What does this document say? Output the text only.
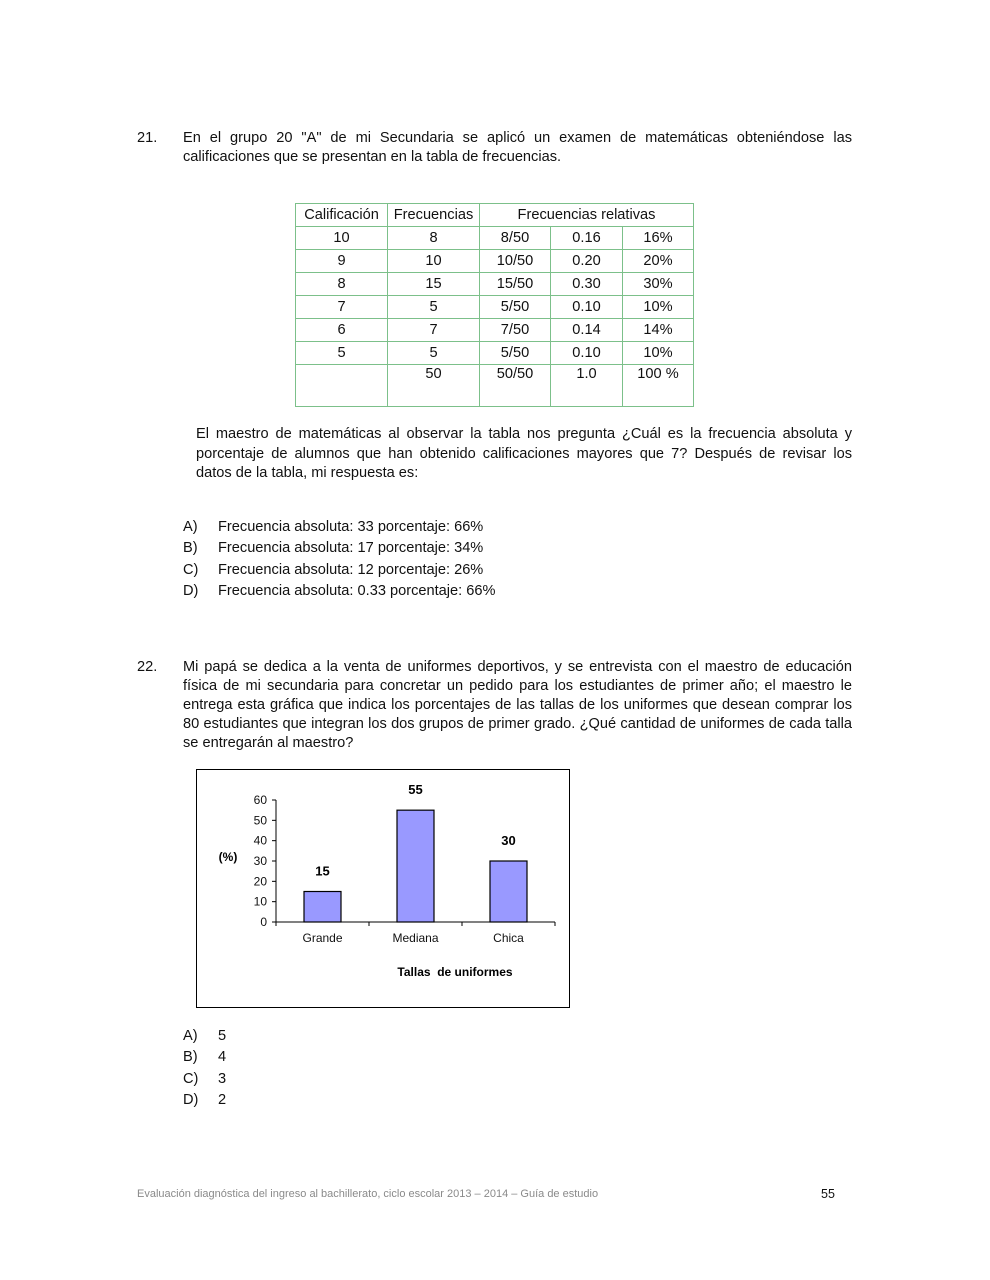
21. En el grupo 20 "A" de mi Secundaria se aplicó un examen de matemáticas obteniéndose las calificaciones que se presentan en la tabla de frecuencias.
Calificación	Frecuencias	Frecuencias relativas		
10	8	8/50	0.16	16%
9	10	10/50	0.20	20%
8	15	15/50	0.30	30%
7	5	5/50	0.10	10%
6	7	7/50	0.14	14%
5	5	5/50	0.10	10%
	50	50/50	1.0	100 %
El maestro de matemáticas al observar la tabla nos pregunta ¿Cuál es la frecuencia absoluta y porcentaje de alumnos que han obtenido calificaciones mayores que 7? Después de revisar los datos de la tabla, mi respuesta es:
A) Frecuencia absoluta: 33 porcentaje: 66%
B) Frecuencia absoluta: 17 porcentaje: 34%
C) Frecuencia absoluta: 12 porcentaje: 26%
D) Frecuencia absoluta: 0.33 porcentaje: 66%
22. Mi papá se dedica a la venta de uniformes deportivos, y se entrevista con el maestro de educación física de mi secundaria para concretar un pedido para los estudiantes de primer año; el maestro le entrega esta gráfica que indica los porcentajes de las tallas de los uniformes que desean comprar los 80 estudiantes que integran los dos grupos de primer grado. ¿Qué cantidad de uniformes de cada talla se entregarán al maestro?
0
10
20
30
40
50
60
15
Grande
55
Mediana
30
Chica
(%)
Tallas  de uniformes
A) 5
B) 4
C) 3
D) 2
Evaluación diagnóstica del ingreso al bachillerato, ciclo escolar 2013 – 2014 – Guía de estudio	55
